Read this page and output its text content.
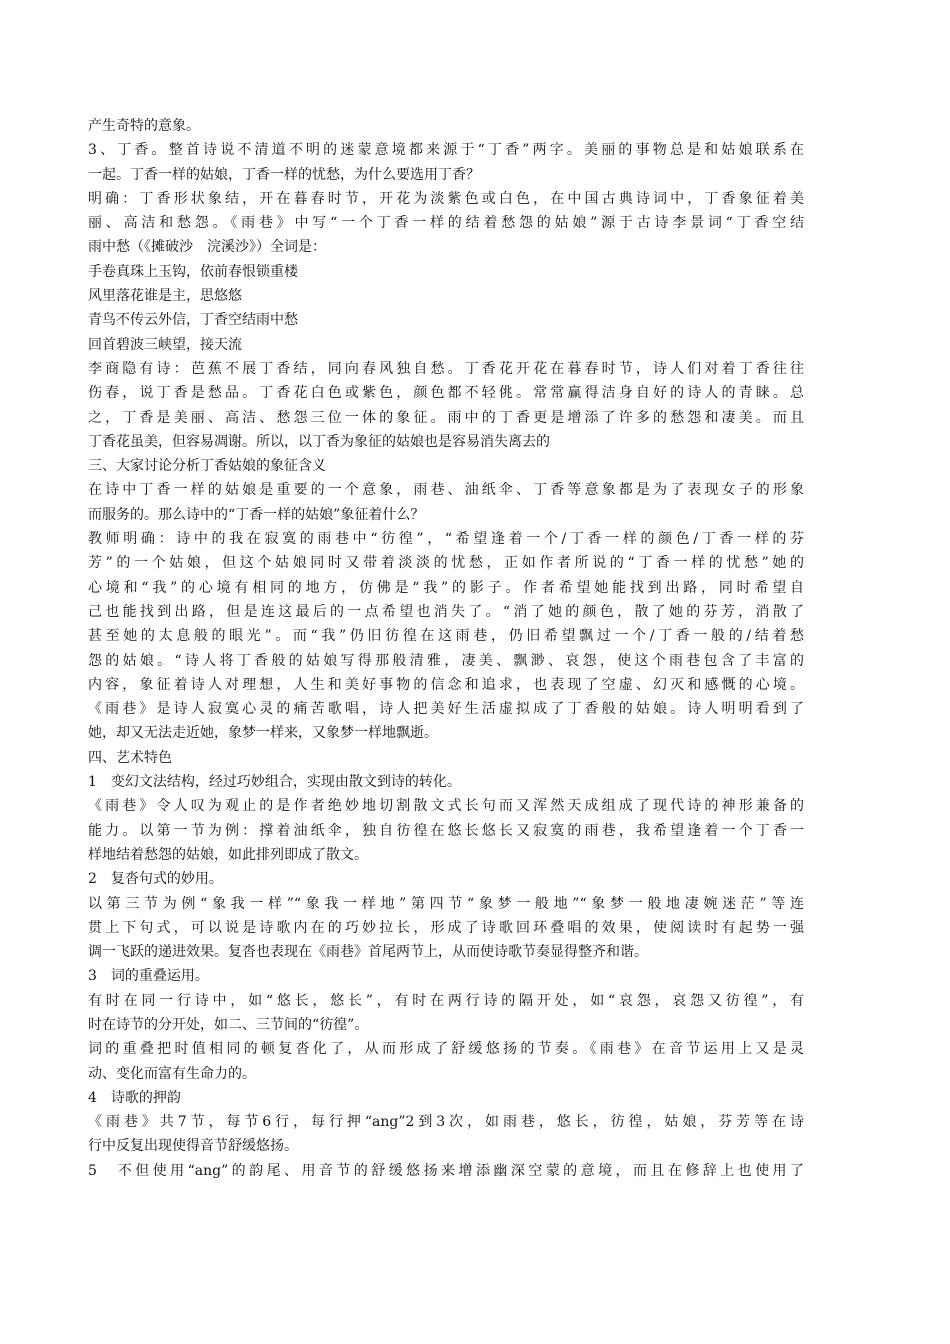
产生奇特的意象。
3、丁香。整首诗说不清道不明的迷蒙意境都来源于“丁香”两字。美丽的事物总是和姑娘联系在
一起。丁香一样的姑娘，丁香一样的忧愁，为什么要选用丁香？
明确：丁香形状象结，开在暮春时节，开花为淡紫色或白色，在中国古典诗词中，丁香象征着美
丽、高洁和愁怨。《雨巷》中写“一个丁香一样的结着愁怨的姑娘”源于古诗李景词“丁香空结
雨中愁（《摊破沙　浣溪沙》）全词是：
手卷真珠上玉钩，依前春恨锁重楼
风里落花谁是主，思悠悠
青鸟不传云外信，丁香空结雨中愁
回首碧波三峡望，接天流
李商隐有诗：芭蕉不展丁香结，同向春风独自愁。丁香花开花在暮春时节，诗人们对着丁香往往
伤春，说丁香是愁品。丁香花白色或紫色，颜色都不轻佻。常常赢得洁身自好的诗人的青睐。总
之，丁香是美丽、高洁、愁怨三位一体的象征。雨中的丁香更是增添了许多的愁怨和凄美。而且
丁香花虽美，但容易凋谢。所以，以丁香为象征的姑娘也是容易消失离去的
三、大家讨论分析丁香姑娘的象征含义
在诗中丁香一样的姑娘是重要的一个意象，雨巷、油纸伞、丁香等意象都是为了表现女子的形象
而服务的。那么诗中的“丁香一样的姑娘”象征着什么？
教师明确：诗中的我在寂寞的雨巷中“彷徨”，“希望逢着一个/丁香一样的颜色/丁香一样的芬
芳”的一个姑娘，但这个姑娘同时又带着淡淡的忧愁，正如作者所说的“丁香一样的忧愁”她的
心境和“我”的心境有相同的地方，仿佛是“我”的影子。作者希望她能找到出路，同时希望自
己也能找到出路，但是连这最后的一点希望也消失了。“消了她的颜色，散了她的芬芳，消散了
甚至她的太息般的眼光”。而“我”仍旧彷徨在这雨巷，仍旧希望飘过一个/丁香一般的/结着愁
怨的姑娘。“诗人将丁香般的姑娘写得那般清雅，凄美、飘渺、哀怨，使这个雨巷包含了丰富的
内容，象征着诗人对理想，人生和美好事物的信念和追求，也表现了空虚、幻灭和感慨的心境。
《雨巷》是诗人寂寞心灵的痛苦歌唱，诗人把美好生活虚拟成了丁香般的姑娘。诗人明明看到了
她，却又无法走近她，象梦一样来，又象梦一样地飘逝。
四、艺术特色
1　变幻文法结构，经过巧妙组合，实现由散文到诗的转化。
《雨巷》令人叹为观止的是作者绝妙地切割散文式长句而又浑然天成组成了现代诗的神形兼备的
能力。以第一节为例：撑着油纸伞，独自彷徨在悠长悠长又寂寞的雨巷，我希望逢着一个丁香一
样地结着愁怨的姑娘，如此排列即成了散文。
2　复沓句式的妙用。
以第三节为例“象我一样”“象我一样地”第四节“象梦一般地”“象梦一般地凄婉迷茫”等连
贯上下句式，可以说是诗歌内在的巧妙拉长，形成了诗歌回环叠唱的效果，使阅读时有起势一强
调一飞跃的递进效果。复沓也表现在《雨巷》首尾两节上，从而使诗歌节奏显得整齐和谐。
3　词的重叠运用。
有时在同一行诗中，如“悠长，悠长”，有时在两行诗的隔开处，如“哀怨，哀怨又彷徨”，有
时在诗节的分开处，如二、三节间的“彷徨”。
词的重叠把时值相同的顿复沓化了，从而形成了舒缓悠扬的节奏。《雨巷》在音节运用上又是灵
动、变化而富有生命力的。
4　诗歌的押韵
《雨巷》共7节，每节6行，每行押“ang”2到3次，如雨巷，悠长，彷徨，姑娘，芬芳等在诗
行中反复出现使得音节舒缓悠扬。
5　不但使用“ang”的韵尾、用音节的舒缓悠扬来增添幽深空蒙的意境，而且在修辞上也使用了
